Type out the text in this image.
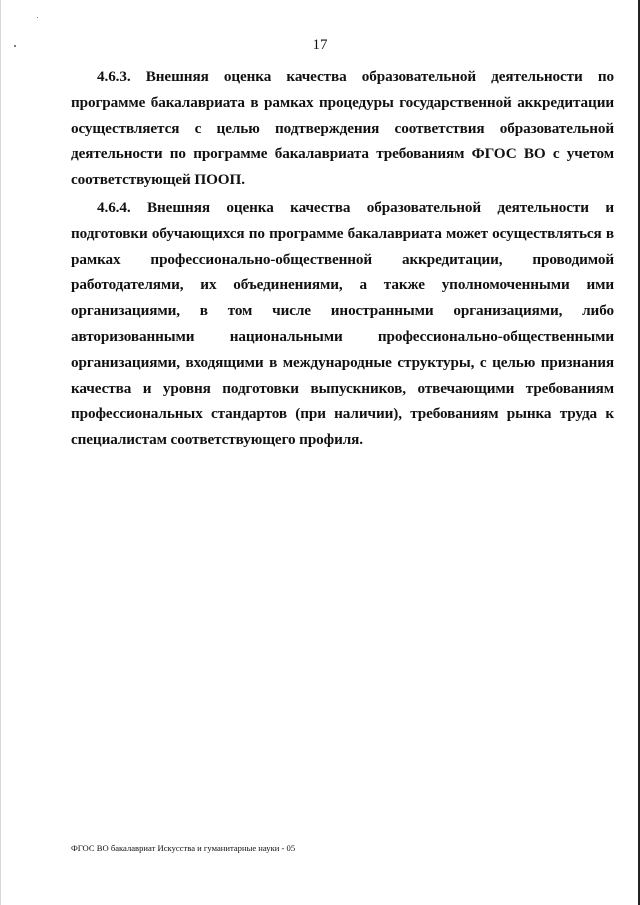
17

4.6.3. Внешняя оценка качества образовательной деятельности по программе бакалавриата в рамках процедуры государственной аккредитации осуществляется с целью подтверждения соответствия образовательной деятельности по программе бакалавриата требованиям ФГОС ВО с учетом соответствующей ПООП.

4.6.4. Внешняя оценка качества образовательной деятельности и подготовки обучающихся по программе бакалавриата может осуществляться в рамках профессионально-общественной аккредитации, проводимой работодателями, их объединениями, а также уполномоченными ими организациями, в том числе иностранными организациями, либо авторизованными национальными профессионально-общественными организациями, входящими в международные структуры, с целью признания качества и уровня подготовки выпускников, отвечающими требованиям профессиональных стандартов (при наличии), требованиям рынка труда к специалистам соответствующего профиля.

ФГОС ВО бакалавриат Искусства и гуманитарные науки - 05
